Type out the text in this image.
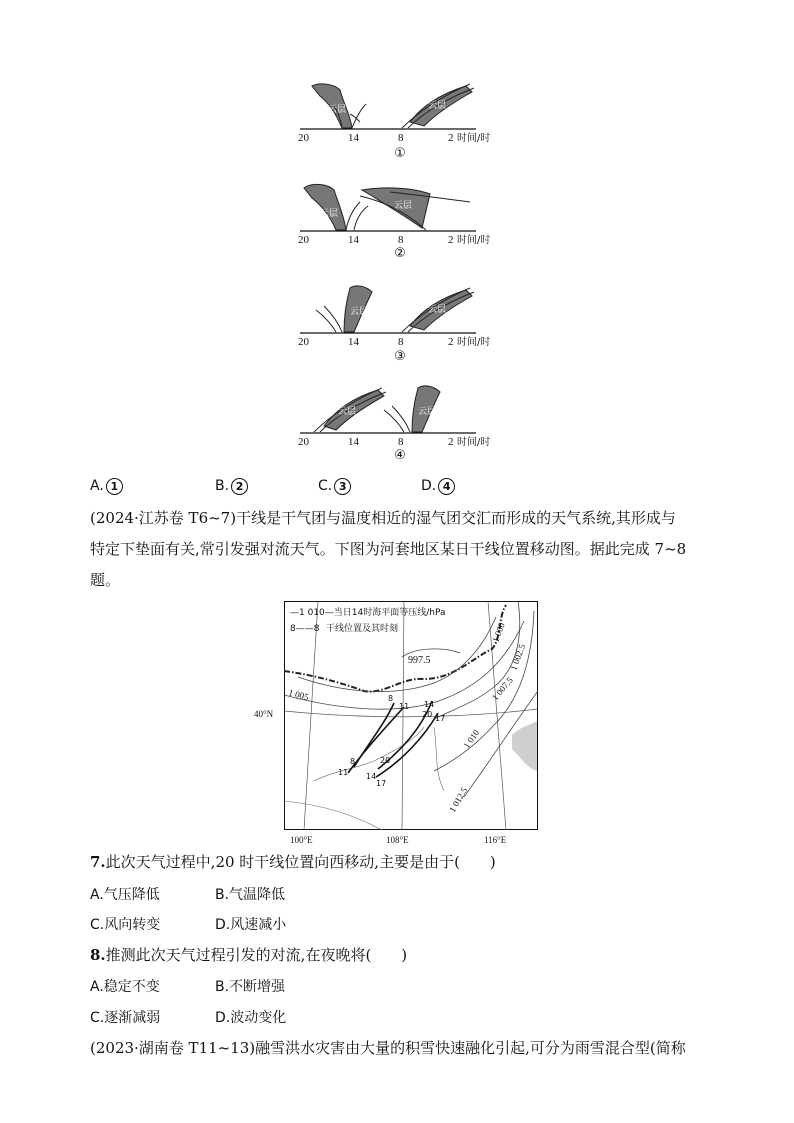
云层	云层
20	14	8	2 时间/时
①
云层
云层
20	14	8	2 时间/时
②
云层	云层
20	14	8	2 时间/时
③
云层	云层
20	14	8	2 时间/时
④
A. 1	B. 2	C. 3	D. 4
(2024·江苏卷 T6~7)干线是干气团与温度相近的湿气团交汇而形成的天气系统,其形成与
特定下垫面有关,常引发强对流天气。下图为河套地区某日干线位置移动图。据此完成 7~8
题。
—1 010—当日14时海平面等压线/hPa
8——8 干线位置及其时刻
997.5
1 000
1 002.5
1 005	1 007.5
1 010
1 012.5
8
11 14
20 17
8	20
11 14
17
40°N
100°E	108°E	116°E
7.此次天气过程中,20 时干线位置向西移动,主要是由于(　　)
A.气压降低	B.气温降低
C.风向转变	D.风速减小
8.推测此次天气过程引发的对流,在夜晚将(　　)
A.稳定不变	B.不断增强
C.逐渐减弱	D.波动变化
(2023·湖南卷 T11~13)融雪洪水灾害由大量的积雪快速融化引起,可分为雨雪混合型(简称
